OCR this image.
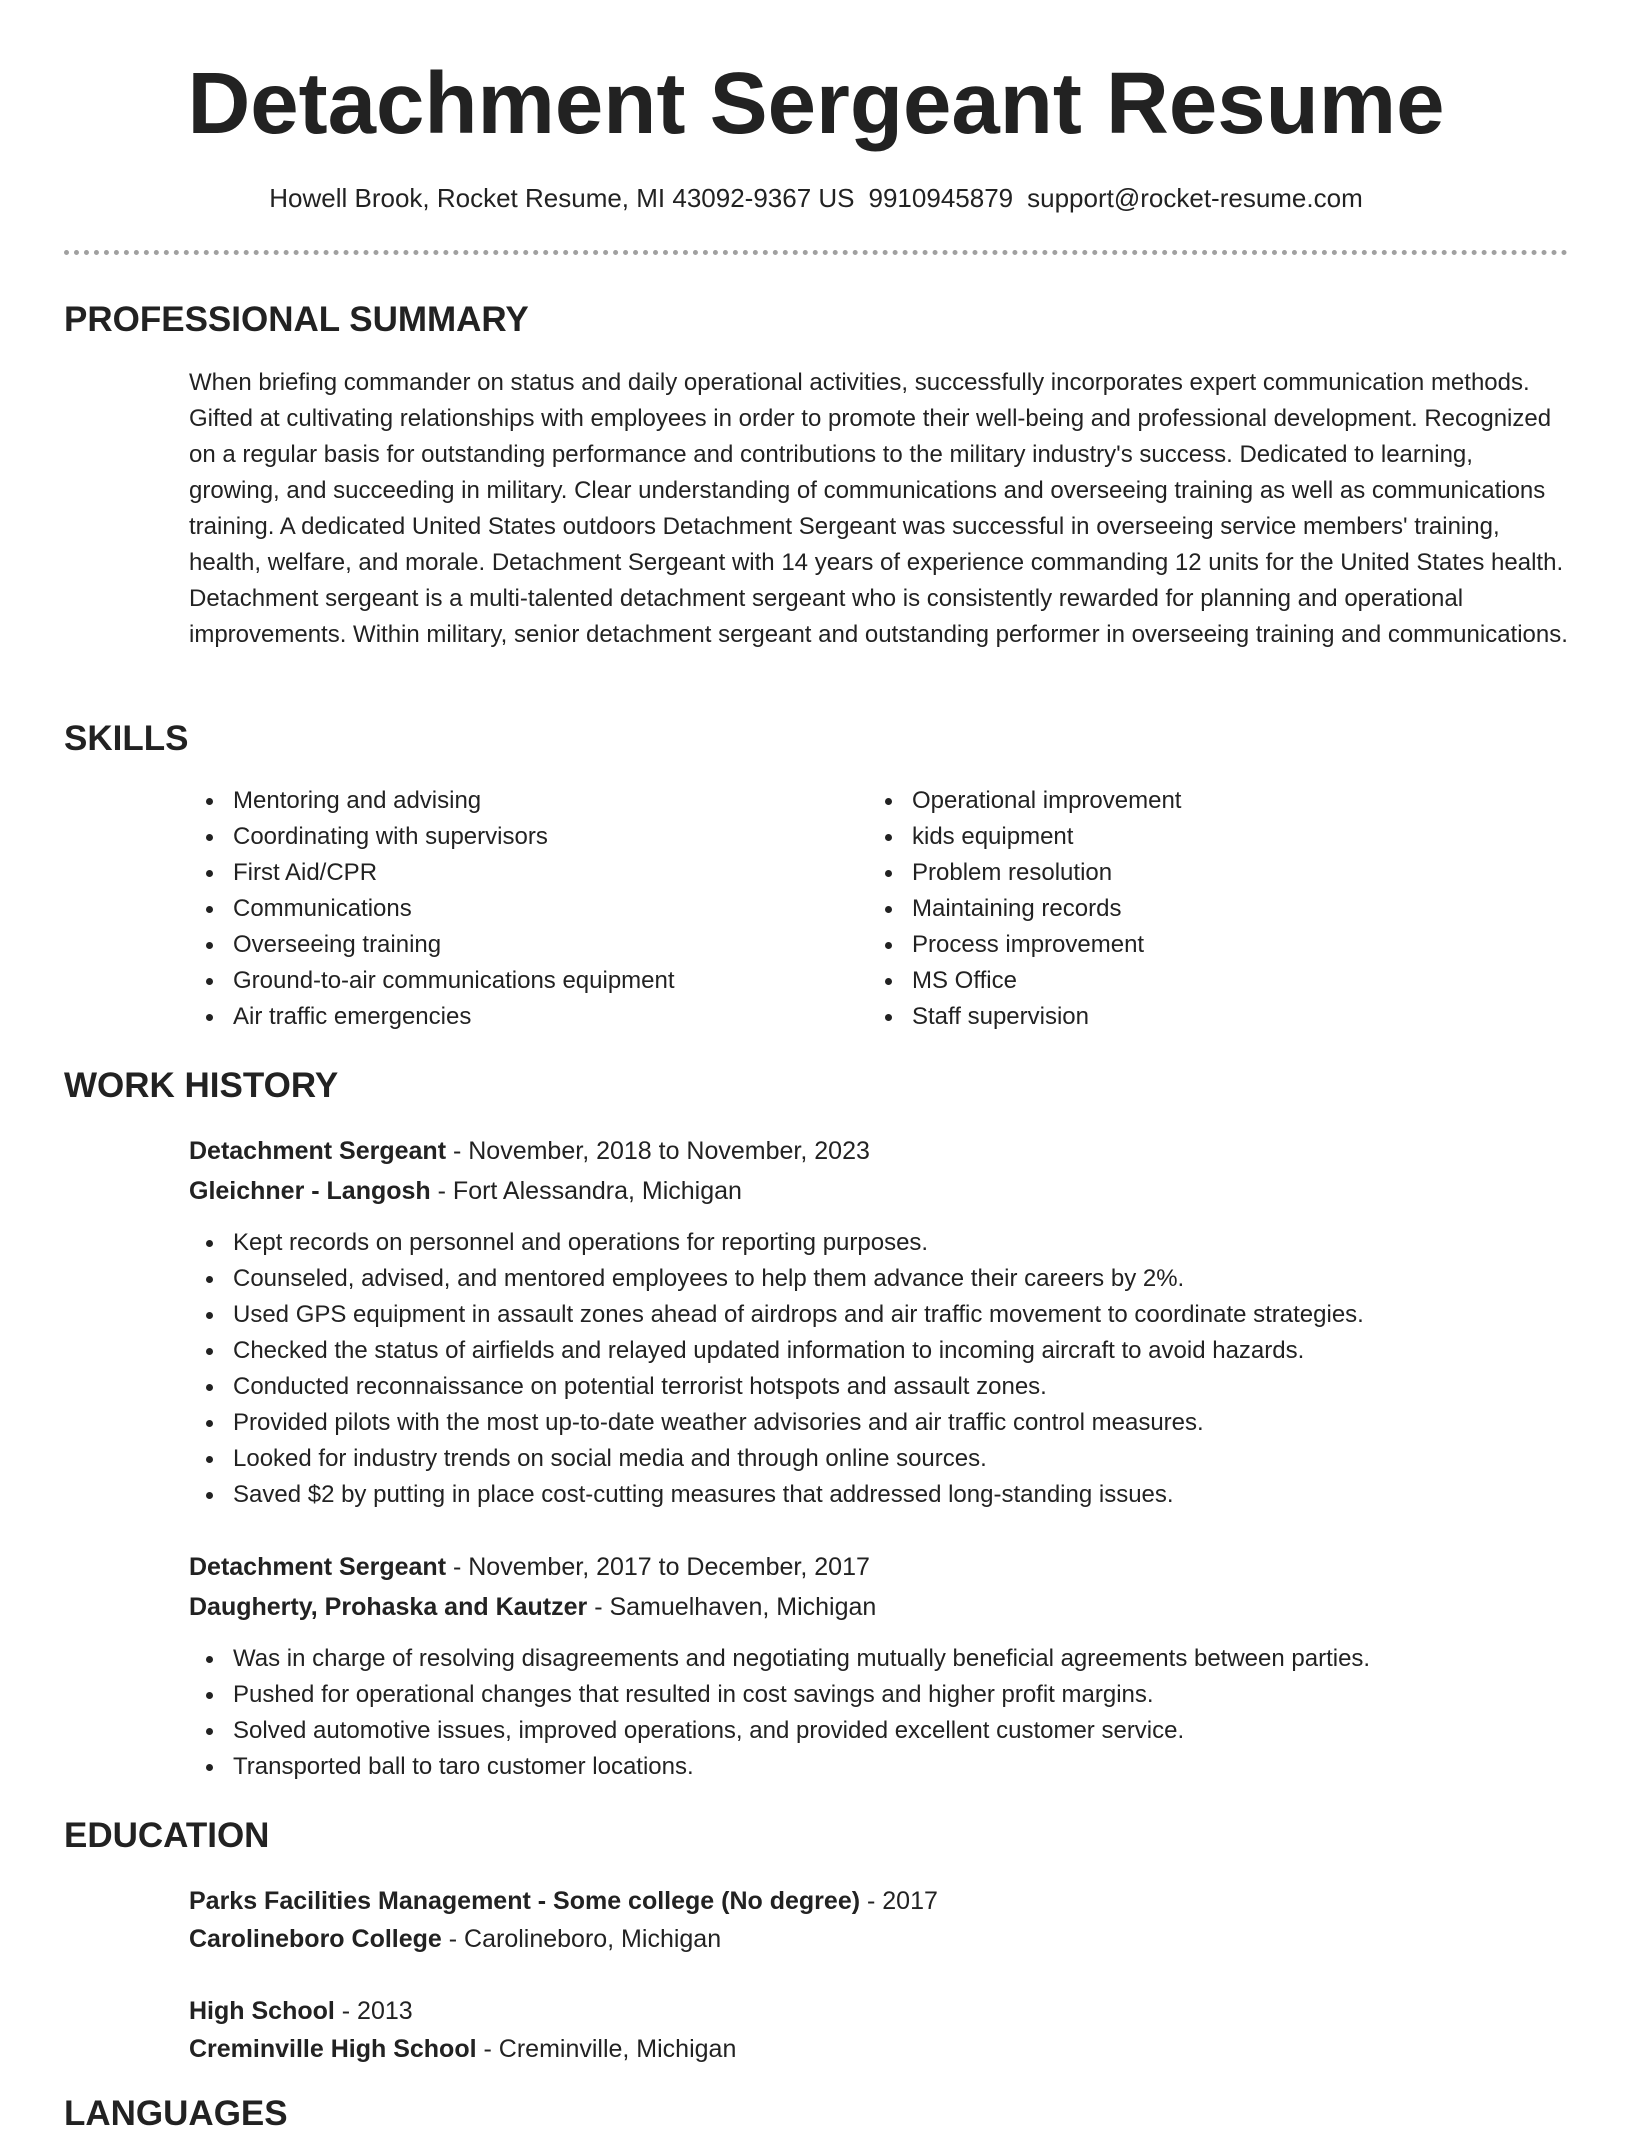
Detachment Sergeant Resume
Howell Brook, Rocket Resume, MI 43092-9367 US 9910945879 support@rocket-resume.com
PROFESSIONAL SUMMARY
When briefing commander on status and daily operational activities, successfully incorporates expert communication methods. Gifted at cultivating relationships with employees in order to promote their well-being and professional development. Recognized on a regular basis for outstanding performance and contributions to the military industry's success. Dedicated to learning, growing, and succeeding in military. Clear understanding of communications and overseeing training as well as communications training. A dedicated United States outdoors Detachment Sergeant was successful in overseeing service members' training, health, welfare, and morale. Detachment Sergeant with 14 years of experience commanding 12 units for the United States health. Detachment sergeant is a multi-talented detachment sergeant who is consistently rewarded for planning and operational improvements. Within military, senior detachment sergeant and outstanding performer in overseeing training and communications.
SKILLS
Mentoring and advising
Coordinating with supervisors
First Aid/CPR
Communications
Overseeing training
Ground-to-air communications equipment
Air traffic emergencies
Operational improvement
kids equipment
Problem resolution
Maintaining records
Process improvement
MS Office
Staff supervision
WORK HISTORY
Detachment Sergeant - November, 2018 to November, 2023
Gleichner - Langosh - Fort Alessandra, Michigan
Kept records on personnel and operations for reporting purposes.
Counseled, advised, and mentored employees to help them advance their careers by 2%.
Used GPS equipment in assault zones ahead of airdrops and air traffic movement to coordinate strategies.
Checked the status of airfields and relayed updated information to incoming aircraft to avoid hazards.
Conducted reconnaissance on potential terrorist hotspots and assault zones.
Provided pilots with the most up-to-date weather advisories and air traffic control measures.
Looked for industry trends on social media and through online sources.
Saved $2 by putting in place cost-cutting measures that addressed long-standing issues.
Detachment Sergeant - November, 2017 to December, 2017
Daugherty, Prohaska and Kautzer - Samuelhaven, Michigan
Was in charge of resolving disagreements and negotiating mutually beneficial agreements between parties.
Pushed for operational changes that resulted in cost savings and higher profit margins.
Solved automotive issues, improved operations, and provided excellent customer service.
Transported ball to taro customer locations.
EDUCATION
Parks Facilities Management - Some college (No degree) - 2017
Carolineboro College - Carolineboro, Michigan
High School - 2013
Creminville High School - Creminville, Michigan
LANGUAGES
